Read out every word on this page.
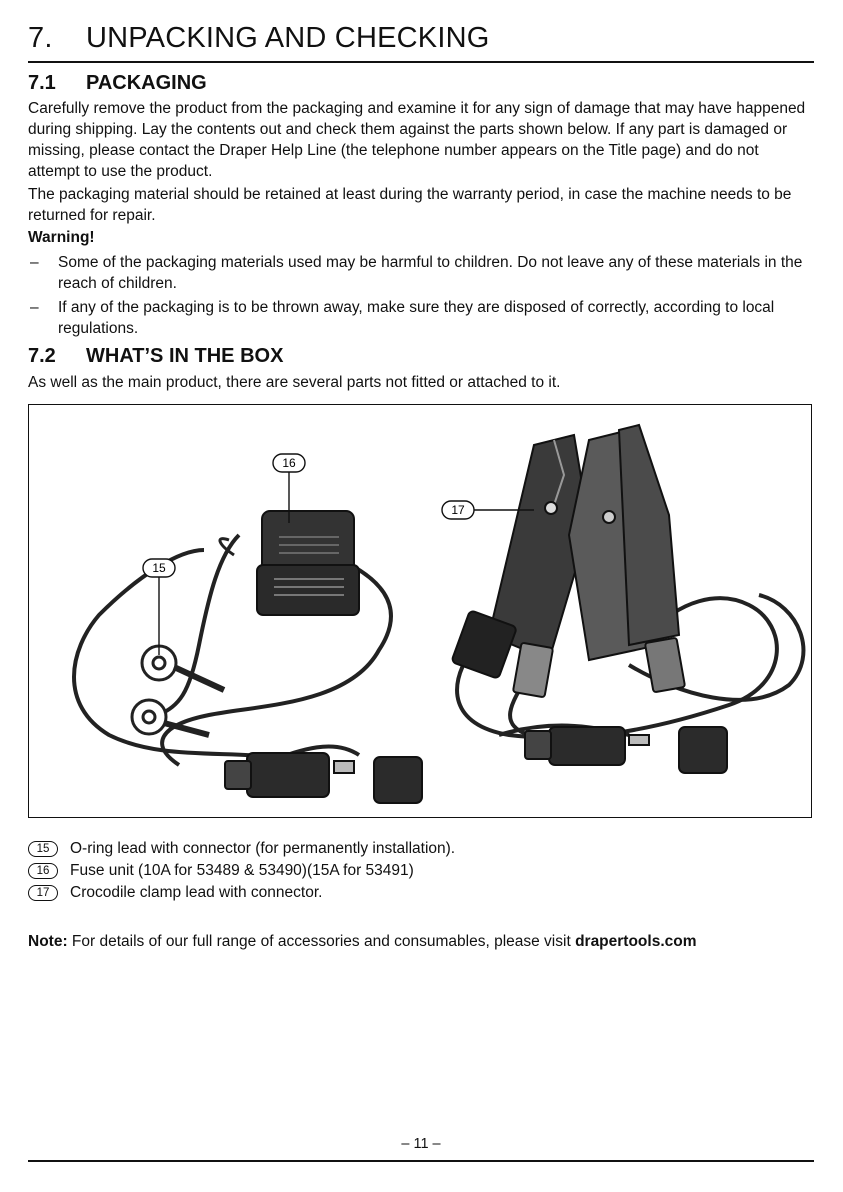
7. UNPACKING AND CHECKING
7.1 PACKAGING

Carefully remove the product from the packaging and examine it for any sign of damage that may have happened during shipping. Lay the contents out and check them against the parts shown below. If any part is damaged or missing, please contact the Draper Help Line (the telephone number appears on the Title page) and do not attempt to use the product.

The packaging material should be retained at least during the warranty period, in case the machine needs to be returned for repair.

Warning!
– Some of the packaging materials used may be harmful to children. Do not leave any of these materials in the reach of children.
– If any of the packaging is to be thrown away, make sure they are disposed of correctly, according to local regulations.
7.2 WHAT’S IN THE BOX

As well as the main product, there are several parts not fitted or attached to it.

16
15
17
15	O-ring lead with connector (for permanently installation).
16	Fuse unit (10A for 53489 & 53490)(15A for 53491)
17	Crocodile clamp lead with connector.
Note: For details of our full range of accessories and consumables, please visit drapertools.com
– 11 –
